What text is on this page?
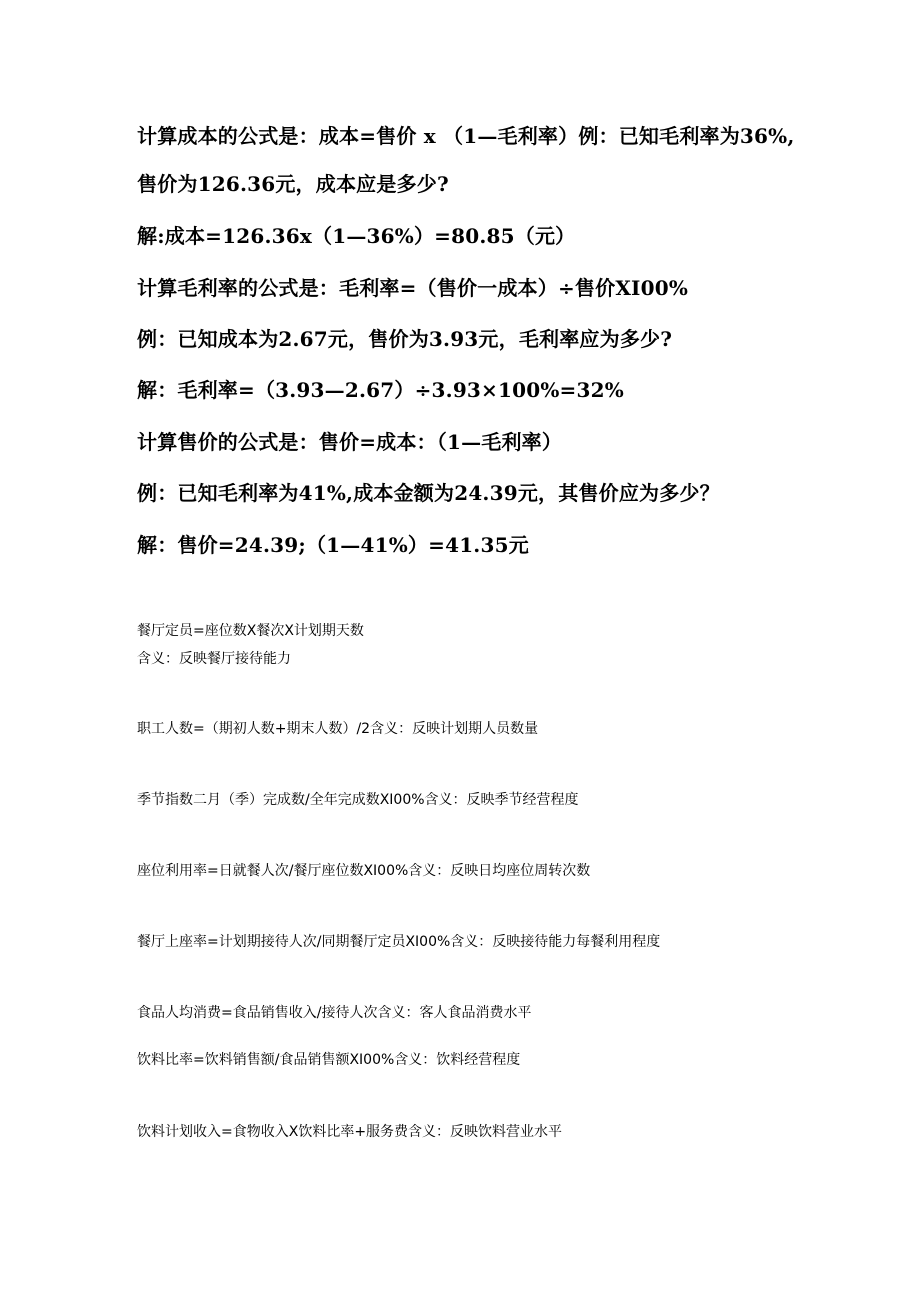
计算成本的公式是：成本=售价 x （1—毛利率）例：已知毛利率为36%,
售价为126.36元，成本应是多少?
解:成本=126.36x（1—36%）=80.85（元）
计算毛利率的公式是：毛利率=（售价一成本）÷售价XI00%
例：已知成本为2.67元，售价为3.93元，毛利率应为多少?
解：毛利率=（3.93—2.67）÷3.93×100%=32%
计算售价的公式是：售价=成本：（1—毛利率）
例：已知毛利率为41%,成本金额为24.39元，其售价应为多少？
解：售价=24.39;（1—41%）=41.35元
餐厅定员=座位数X餐次X计划期天数
含义：反映餐厅接待能力
职工人数=（期初人数+期末人数）/2含义：反映计划期人员数量
季节指数二月（季）完成数/全年完成数XI00%含义：反映季节经营程度
座位利用率=日就餐人次/餐厅座位数XI00%含义：反映日均座位周转次数
餐厅上座率=计划期接待人次/同期餐厅定员XI00%含义：反映接待能力每餐利用程度
食品人均消费=食品销售收入/接待人次含义：客人食品消费水平
饮料比率=饮料销售额/食品销售额XI00%含义：饮料经营程度
饮料计划收入=食物收入X饮料比率+服务费含义：反映饮料营业水平
